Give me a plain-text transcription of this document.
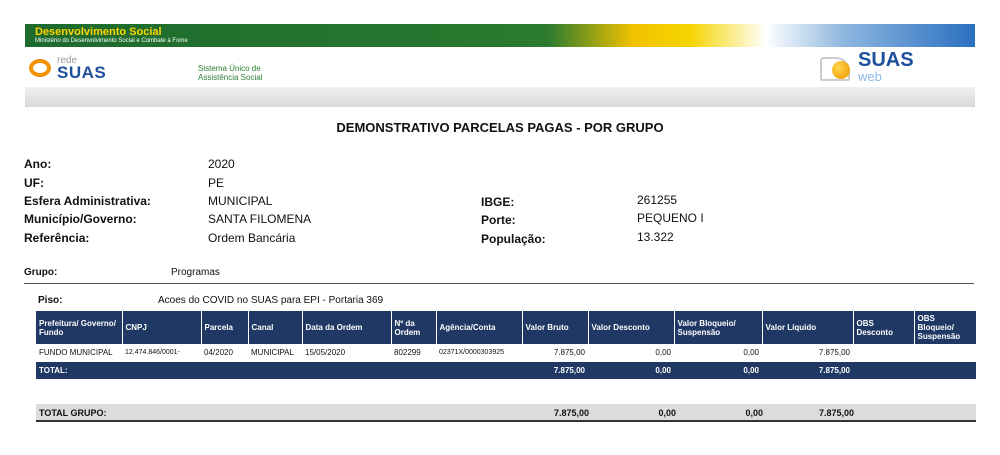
Desenvolvimento Social
Ministério do Desenvolvimento Social e Combate à Fome
rede
SUAS	Sistema Único de
Assistência Social
SUAS
web
DEMONSTRATIVO PARCELAS PAGAS - POR GRUPO
Ano:	2020
UF:	PE
Esfera Administrativa:	MUNICIPAL
Município/Governo:	SANTA FILOMENA
Referência:	Ordem Bancária
IBGE:	261255
Porte:	PEQUENO I
População:	13.322
Grupo:	Programas
Piso:	Acoes do COVID no SUAS para EPI - Portaria 369
Prefeitura/ Governo/ Fundo	CNPJ	Parcela	Canal	Data da Ordem	Nº da Ordem	Agência/Conta	Valor Bruto	Valor Desconto	Valor Bloqueio/ Suspensão	Valor Líquido	OBS Desconto	OBS Bloqueio/ Suspensão
FUNDO MUNICIPAL	12.474.846/0001-	04/2020	MUNICIPAL	15/05/2020	802299	02371X/0000303925	7.875,00	0,00	0,00	7.875,00		

TOTAL:							7.875,00	0,00	0,00	7.875,00		
TOTAL GRUPO:	7.875,00	0,00	0,00	7.875,00
